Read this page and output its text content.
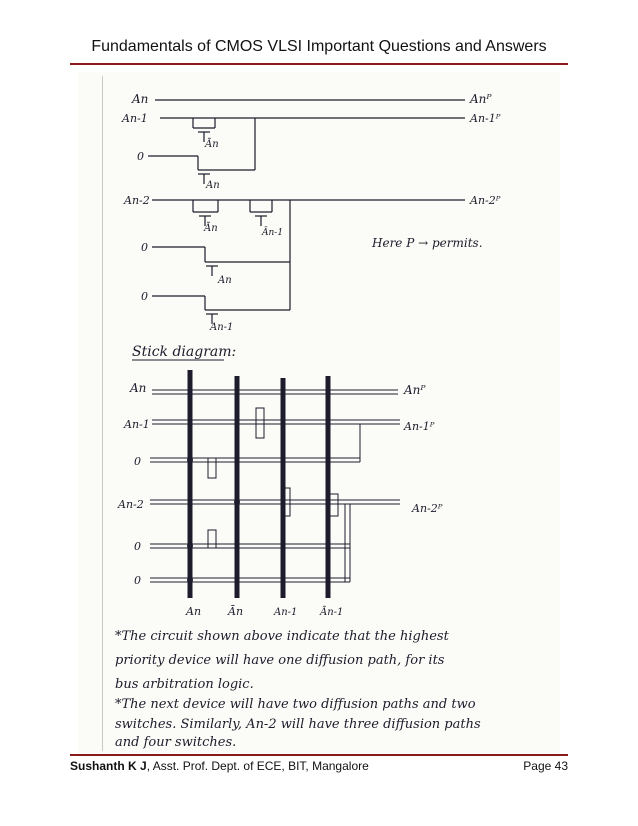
Fundamentals of CMOS VLSI Important Questions and Answers
An
An-1
0
An-2
0
0
Anᴾ
An-1ᴾ
An-2ᴾ
Ān
An
Ān	Ān-1
An
An-1
Here P → permits.
Stick diagram:
An
An-1
0
An-2
0
0
Anᴾ
An-1ᴾ
An-2ᴾ
An Ān	An-1 Ān-1
*The circuit shown above indicate that the highest
priority device will have one diffusion path, for its
bus arbitration logic.
*The next device will have two diffusion paths and two
switches. Similarly, An-2 will have three diffusion paths
and four switches.
Sushanth K J, Asst. Prof. Dept. of ECE, BIT, Mangalore	Page 43
